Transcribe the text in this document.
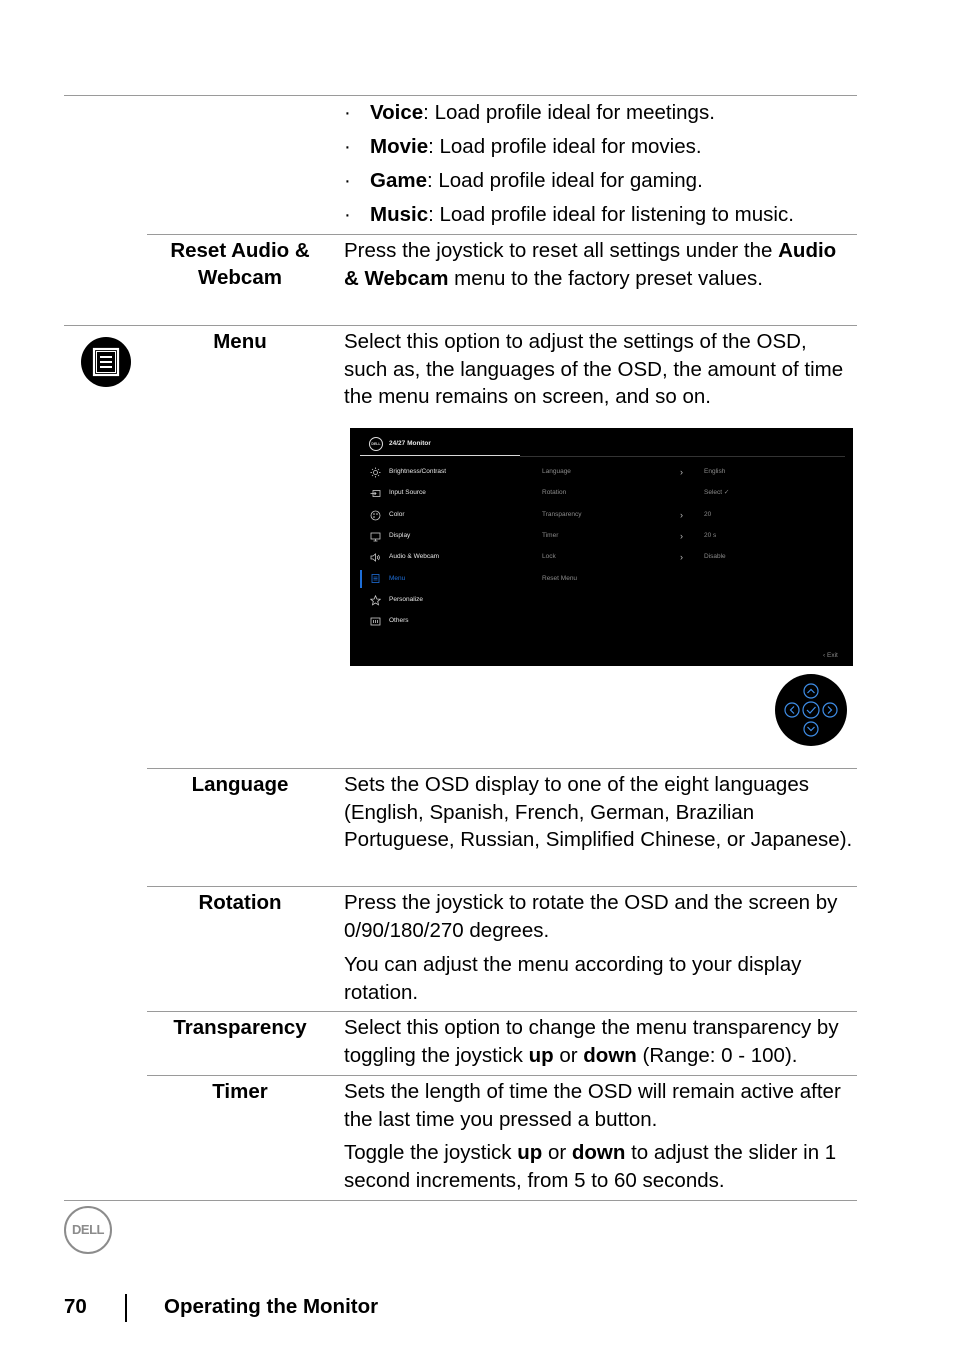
· Voice: Load profile ideal for meetings.
· Movie: Load profile ideal for movies.
· Game: Load profile ideal for gaming.
· Music: Load profile ideal for listening to music.
Reset Audio & Webcam
Press the joystick to reset all settings under the Audio & Webcam menu to the factory preset values.
Menu	Select this option to adjust the settings of the OSD, such as, the languages of the OSD, the amount of time the menu remains on screen, and so on.
DELL	24/27 Monitor
Brightness/Contrast
Input Source
Color
Display
Audio & Webcam
Menu
Personalize
Others
Language	›	English
Rotation	Select ✓
Transparency	›	20
Timer	›	20 s
Lock	›	Disable
Reset Menu
‹ Exit
Language	Sets the OSD display to one of the eight languages (English, Spanish, French, German, Brazilian Portuguese, Russian, Simplified Chinese, or Japanese).
Rotation	Press the joystick to rotate the OSD and the screen by 0/90/180/270 degrees.
You can adjust the menu according to your display rotation.
Transparency	Select this option to change the menu transparency by toggling the joystick up or down (Range: 0 - 100).
Timer	Sets the length of time the OSD will remain active after the last time you pressed a button.
Toggle the joystick up or down to adjust the slider in 1 second increments, from 5 to 60 seconds.
DELL
70	Operating the Monitor
